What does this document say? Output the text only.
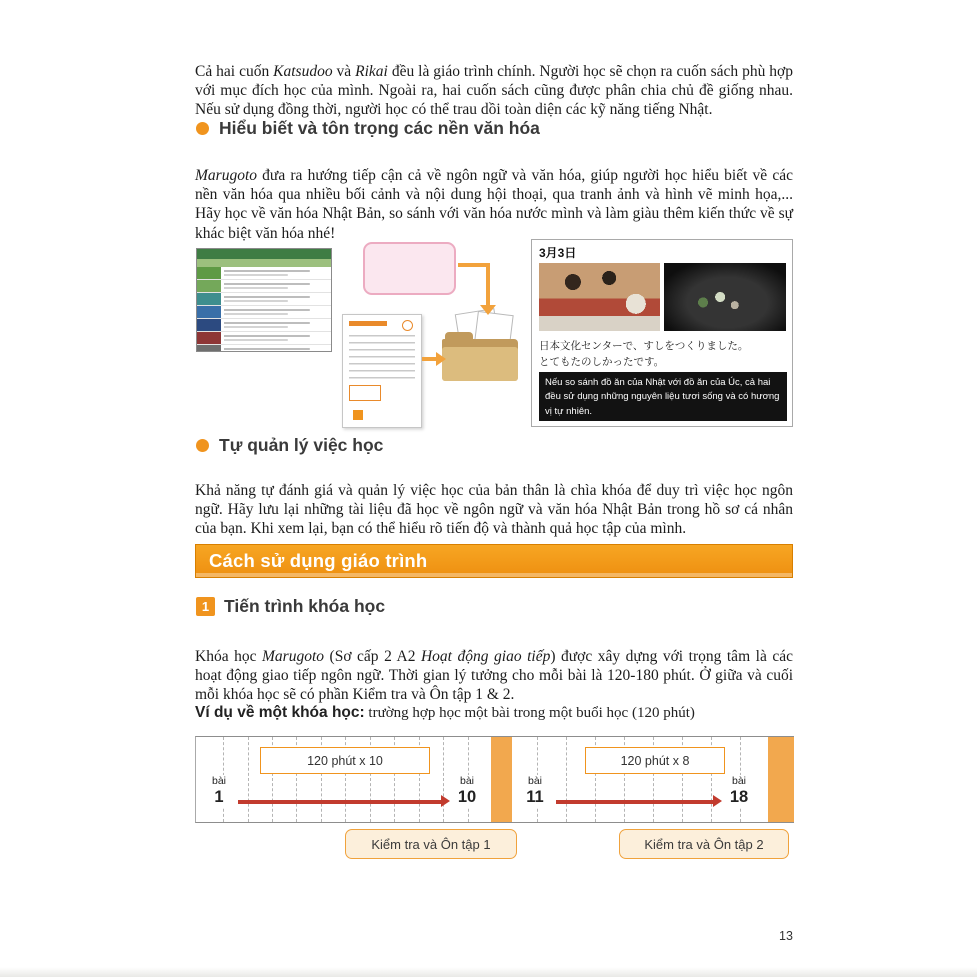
Cả hai cuốn Katsudoo và Rikai đều là giáo trình chính. Người học sẽ chọn ra cuốn sách phù hợp với mục đích học của mình. Ngoài ra, hai cuốn sách cũng được phân chia chủ đề giống nhau. Nếu sử dụng đồng thời, người học có thể trau dồi toàn diện các kỹ năng tiếng Nhật.

Hiểu biết và tôn trọng các nền văn hóa

Marugoto đưa ra hướng tiếp cận cả về ngôn ngữ và văn hóa, giúp người học hiểu biết về các nền văn hóa qua nhiều bối cảnh và nội dung hội thoại, qua tranh ảnh và hình vẽ minh họa,... Hãy học về văn hóa Nhật Bản, so sánh với văn hóa nước mình và làm giàu thêm kiến thức về sự khác biệt văn hóa nhé!

3月3日
日本文化センターで、すしをつくりました。
とてもたのしかったです。
Nếu so sánh đồ ăn của Nhật với đồ ăn của Úc, cả hai đều sử dụng những nguyên liệu tươi sống và có hương vị tự nhiên.
Tự quản lý việc học

Khả năng tự đánh giá và quản lý việc học của bản thân là chìa khóa để duy trì việc học ngôn ngữ. Hãy lưu lại những tài liệu đã học về ngôn ngữ và văn hóa Nhật Bản trong hồ sơ cá nhân của bạn. Khi xem lại, bạn có thể hiểu rõ tiến độ và thành quả học tập của mình.

Cách sử dụng giáo trình
1 Tiến trình khóa học

Khóa học Marugoto (Sơ cấp 2 A2 Hoạt động giao tiếp) được xây dựng với trọng tâm là các hoạt động giao tiếp ngôn ngữ. Thời gian lý tưởng cho mỗi bài là 120-180 phút. Ở giữa và cuối mỗi khóa học sẽ có phần Kiểm tra và Ôn tập 1 & 2.

Ví dụ về một khóa học: trường hợp học một bài trong một buổi học (120 phút)
120 phút x 10	120 phút x 8
bài
1
bài
10
bài
11
bài
18
Kiểm tra và Ôn tập 1	Kiểm tra và Ôn tập 2
13
